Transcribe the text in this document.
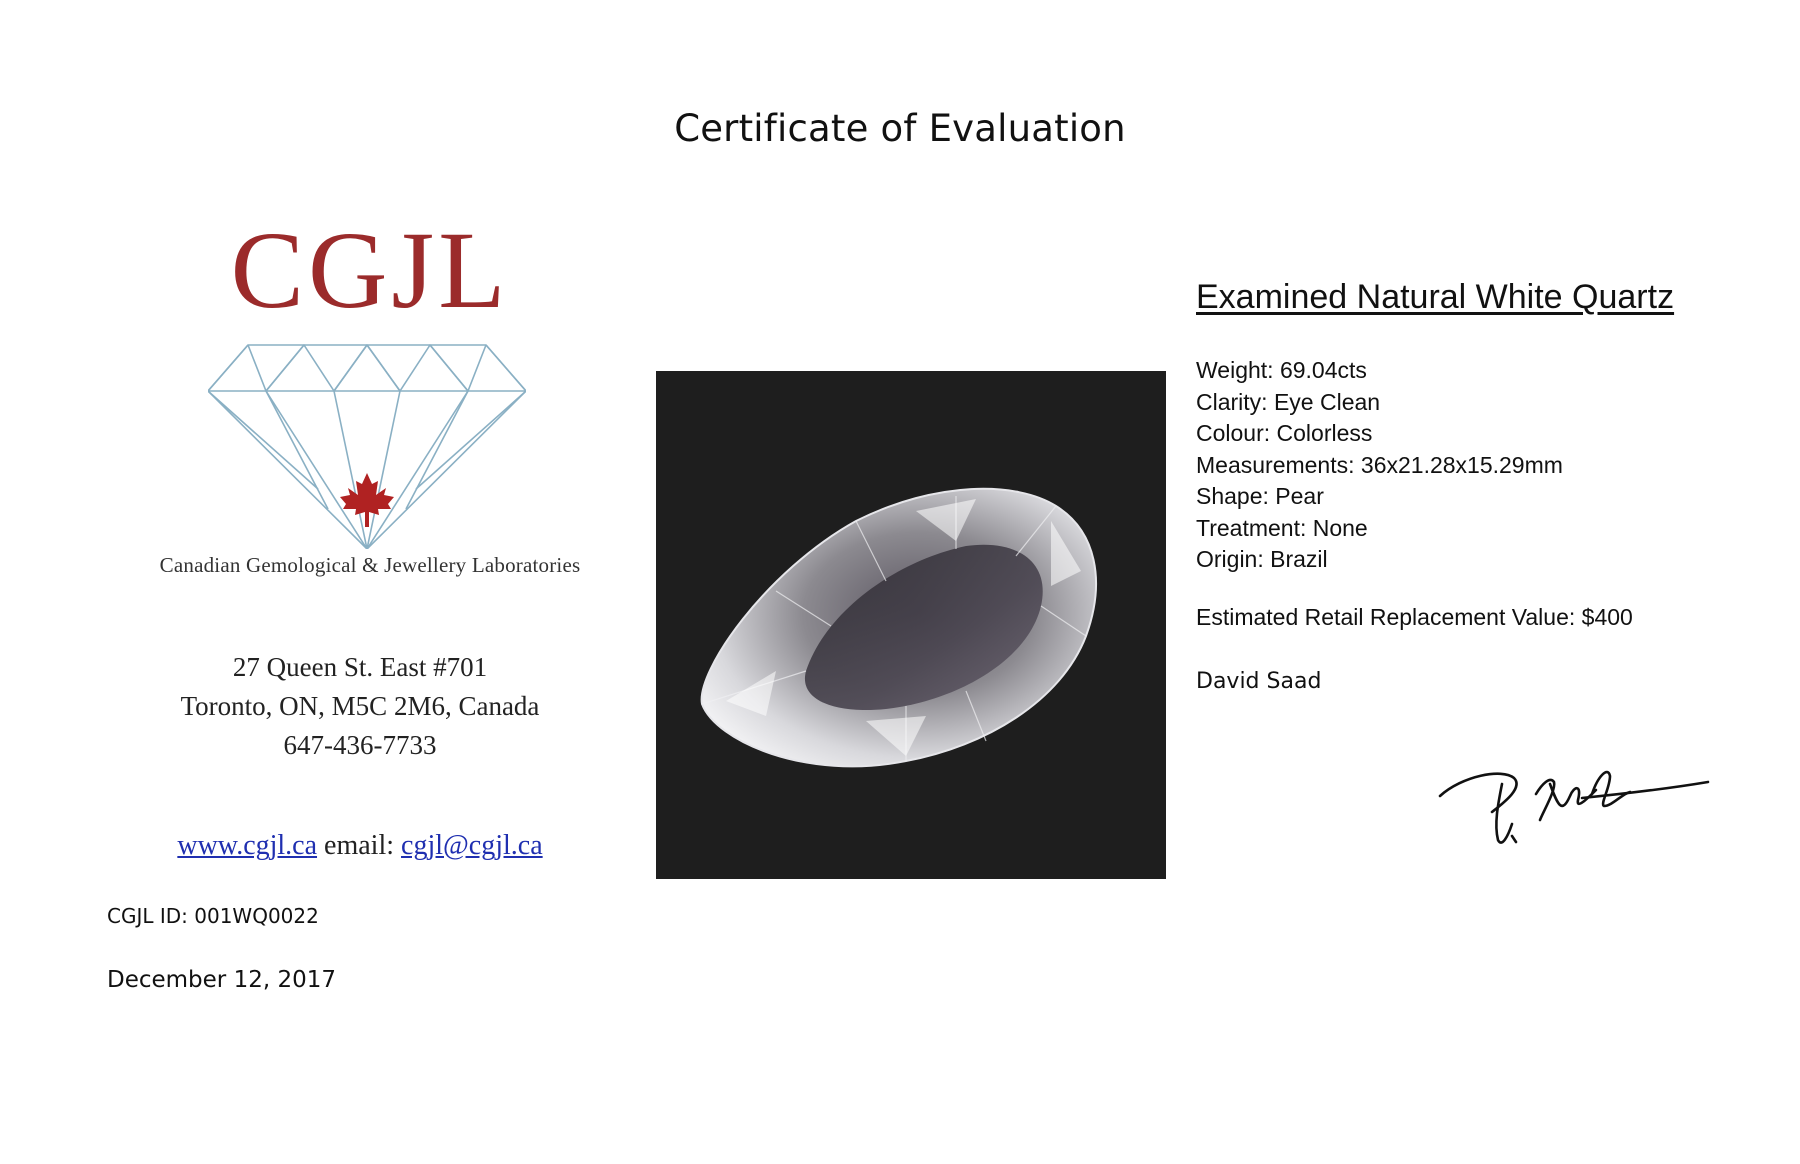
Certificate of Evaluation
CGJL
Canadian Gemological & Jewellery Laboratories
27 Queen St. East #701
Toronto, ON, M5C 2M6, Canada
647-436-7733
www.cgjl.ca email: cgjl@cgjl.ca
CGJL ID: 001WQ0022
December 12, 2017
Examined Natural White Quartz
Weight: 69.04cts
Clarity: Eye Clean
Colour: Colorless
Measurements: 36x21.28x15.29mm
Shape: Pear
Treatment: None
Origin: Brazil
Estimated Retail Replacement Value: $400
David Saad
